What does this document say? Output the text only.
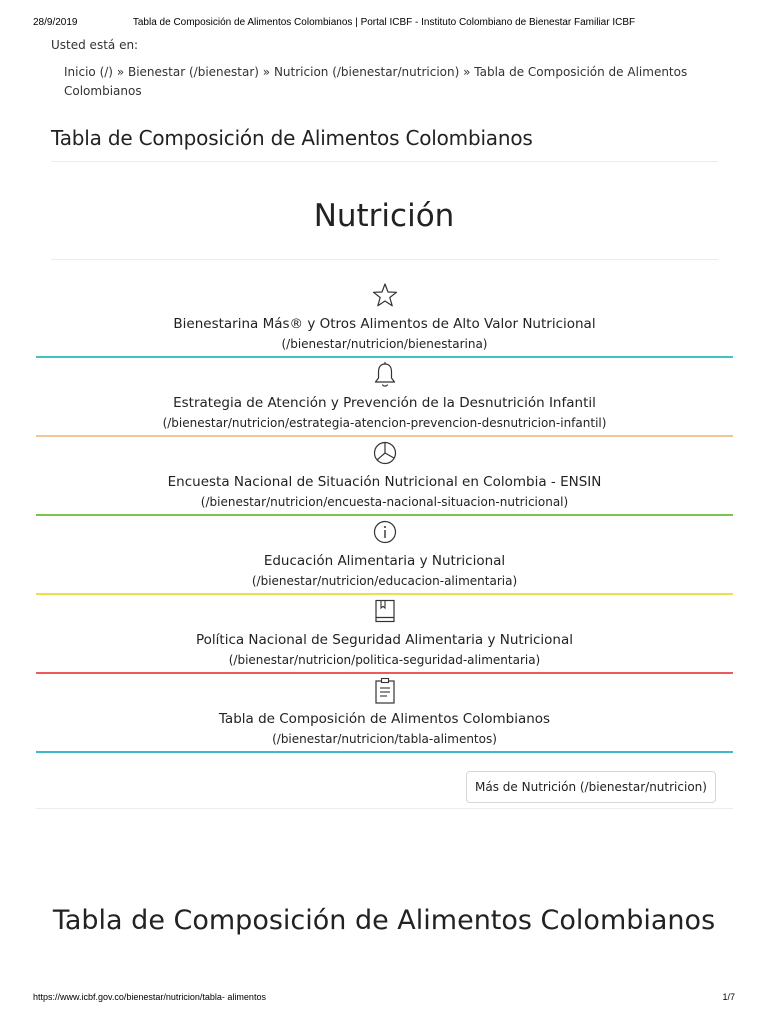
28/9/2019	Tabla de Composición de Alimentos Colombianos | Portal ICBF - Instituto Colombiano de Bienestar Familiar ICBF
Usted está en:
Inicio (/) » Bienestar (/bienestar) » Nutricion (/bienestar/nutricion) » Tabla de Composición de Alimentos Colombianos
Tabla de Composición de Alimentos Colombianos
Nutrición
Bienestarina Más® y Otros Alimentos de Alto Valor Nutricional
(/bienestar/nutricion/bienestarina)
Estrategia de Atención y Prevención de la Desnutrición Infantil
(/bienestar/nutricion/estrategia-atencion-prevencion-desnutricion-infantil)
Encuesta Nacional de Situación Nutricional en Colombia - ENSIN
(/bienestar/nutricion/encuesta-nacional-situacion-nutricional)
Educación Alimentaria y Nutricional
(/bienestar/nutricion/educacion-alimentaria)
Política Nacional de Seguridad Alimentaria y Nutricional
(/bienestar/nutricion/politica-seguridad-alimentaria)
Tabla de Composición de Alimentos Colombianos
(/bienestar/nutricion/tabla-alimentos)
Más de Nutrición (/bienestar/nutricion)
Tabla de Composición de Alimentos Colombianos
https://www.icbf.gov.co/bienestar/nutricion/tabla- alimentos	1/7
